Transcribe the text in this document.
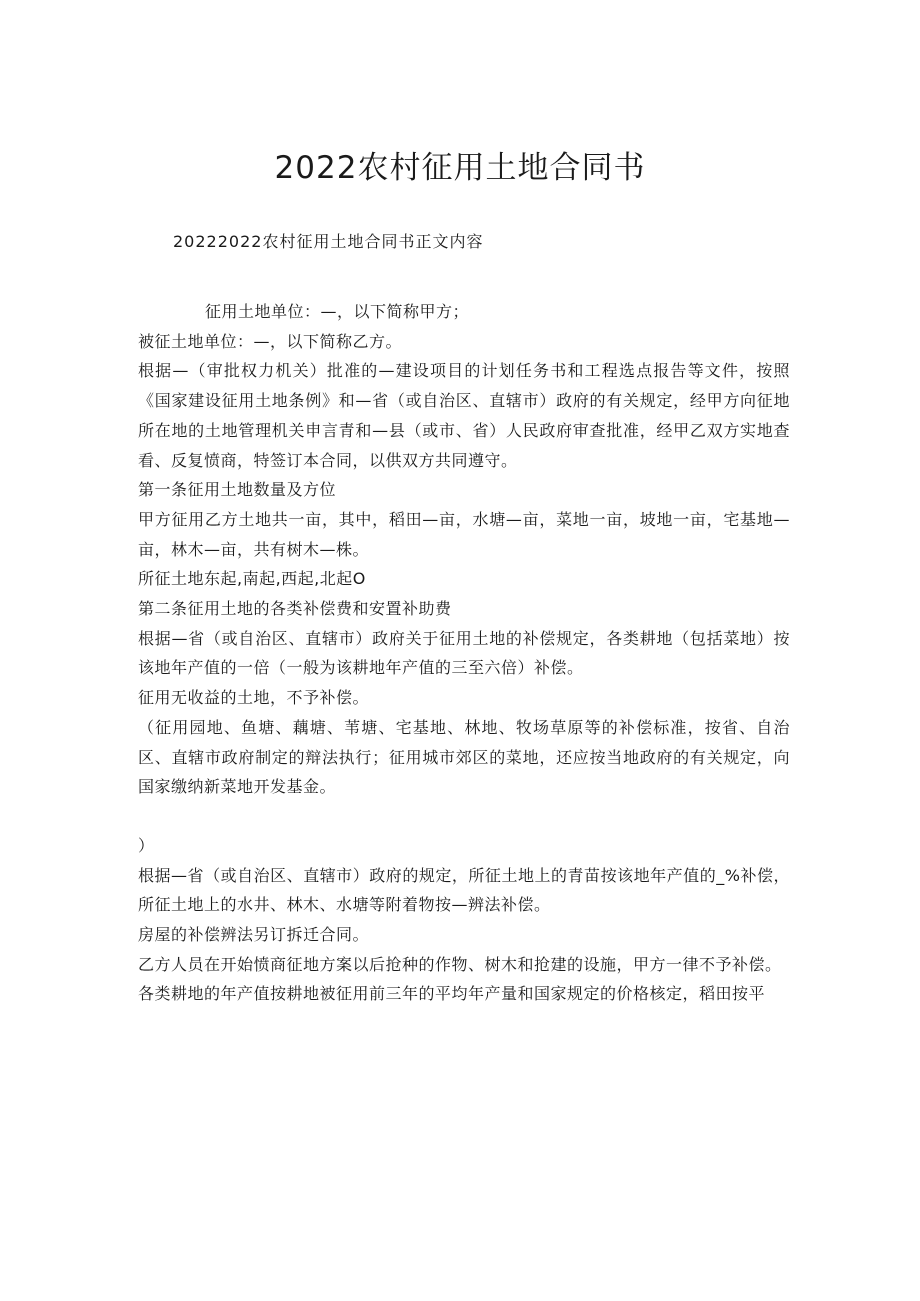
2022农村征用土地合同书
20222022农村征用土地合同书正文内容

征用土地单位：—，以下简称甲方；

被征土地单位：—，以下简称乙方。

根据—（审批权力机关）批准的—建设项目的计划任务书和工程选点报告等文件，按照《国家建设征用土地条例》和—省（或自治区、直辖市）政府的有关规定，经甲方向征地所在地的土地管理机关申言青和—县（或市、省）人民政府审查批准，经甲乙双方实地查看、反复愤商，特签订本合同，以供双方共同遵守。

第一条征用土地数量及方位

甲方征用乙方土地共一亩，其中，稻田—亩，水塘—亩，菜地一亩，坡地一亩，宅基地—亩，林木—亩，共有树木—株。

所征土地东起,南起,西起,北起O

第二条征用土地的各类补偿费和安置补助费

根据—省（或自治区、直辖市）政府关于征用土地的补偿规定，各类耕地（包括菜地）按该地年产值的一倍（一般为该耕地年产值的三至六倍）补偿。

征用无收益的土地，不予补偿。

（征用园地、鱼塘、藕塘、苇塘、宅基地、林地、牧场草原等的补偿标准，按省、自治区、直辖市政府制定的辩法执行；征用城市郊区的菜地，还应按当地政府的有关规定，向国家缴纳新菜地开发基金。

）

根据—省（或自治区、直辖市）政府的规定，所征土地上的青苗按该地年产值的_%补偿，所征土地上的水井、林木、水塘等附着物按—辨法补偿。

房屋的补偿辨法另订拆迁合同。

乙方人员在开始愤商征地方案以后抢种的作物、树木和抢建的设施，甲方一律不予补偿。

各类耕地的年产值按耕地被征用前三年的平均年产量和国家规定的价格核定，稻田按平
